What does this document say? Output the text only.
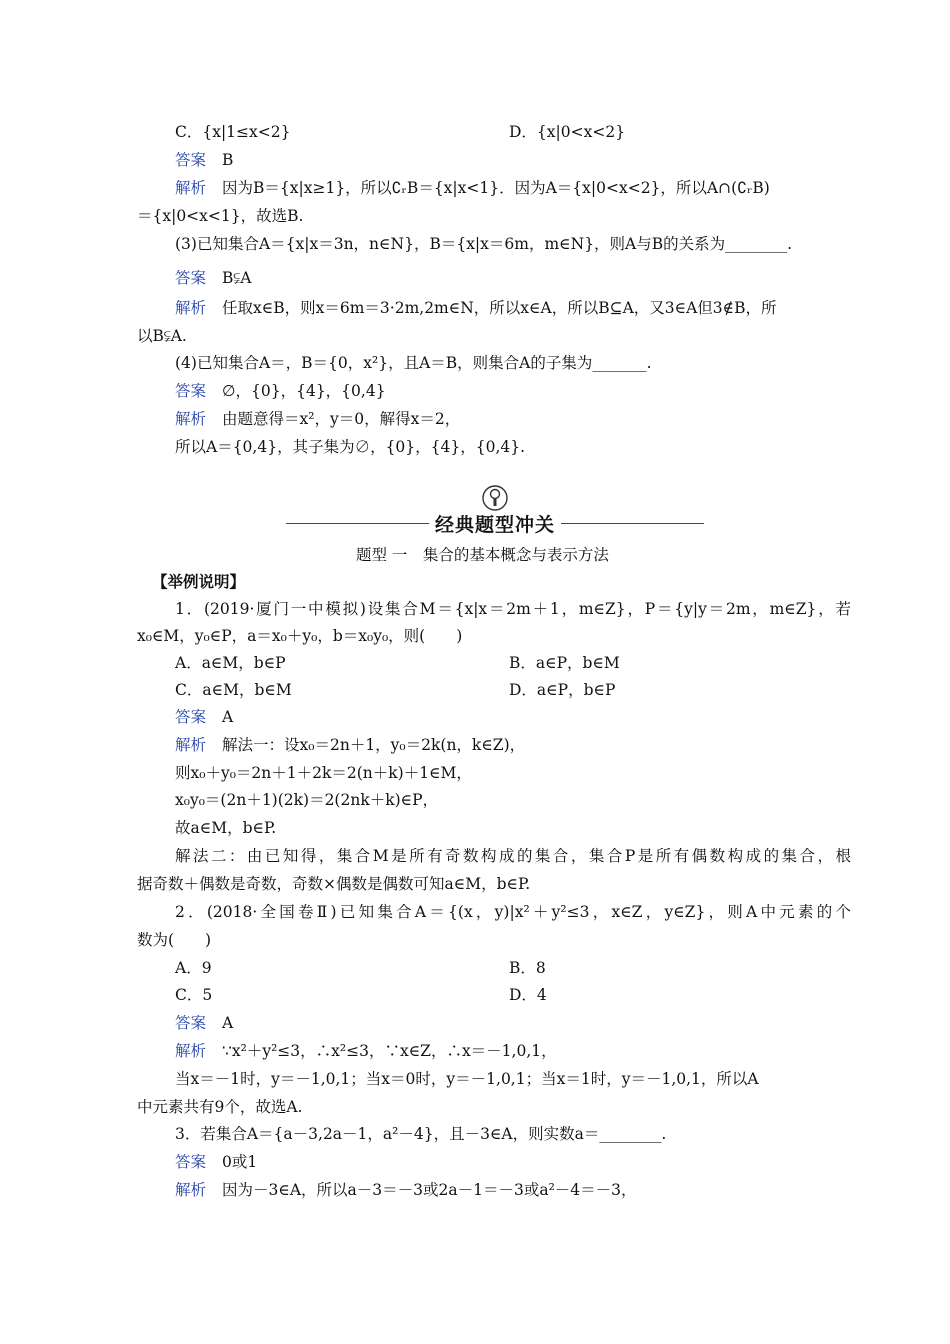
C．{x|1≤x<2}	D．{x|0<x<2}
答案 B
解析 因为B＝{x|x≥1}，所以∁ᵣB＝{x|x<1}．因为A＝{x|0<x<2}，所以A∩(∁ᵣB)
＝{x|0<x<1}，故选B.
(3)已知集合A＝{x|x＝3n，n∈N}，B＝{x|x＝6m，m∈N}，则A与B的关系为________.
答案 B⫋A
解析 任取x∈B，则x＝6m＝3·2m,2m∈N，所以x∈A，所以B⊆A，又3∈A但3∉B，所
以B⫋A.
(4)已知集合A＝，B＝{0，x²}，且A＝B，则集合A的子集为_______.
答案 ∅，{0}，{4}，{0,4}
解析 由题意得＝x²，y＝0，解得x＝2，
所以A＝{0,4}，其子集为∅，{0}，{4}，{0,4}.
经典题型冲关
题型 一　集合的基本概念与表示方法
【举例说明】
1．(2019·厦门一中模拟)设集合M＝{x|x＝2m＋1，m∈Z}，P＝{y|y＝2m，m∈Z}，若
x₀∈M，y₀∈P，a＝x₀＋y₀，b＝x₀y₀，则(　　)
A．a∈M，b∈P	B．a∈P，b∈M
C．a∈M，b∈M	D．a∈P，b∈P
答案 A
解析 解法一：设x₀＝2n＋1，y₀＝2k(n，k∈Z)，
则x₀＋y₀＝2n＋1＋2k＝2(n＋k)＋1∈M，
x₀y₀＝(2n＋1)(2k)＝2(2nk＋k)∈P，
故a∈M，b∈P.
解法二：由已知得，集合M是所有奇数构成的集合，集合P是所有偶数构成的集合，根
据奇数＋偶数是奇数，奇数×偶数是偶数可知a∈M，b∈P.
2．(2018·全国卷Ⅱ)已知集合A＝{(x，y)|x²＋y²≤3，x∈Z，y∈Z}，则A中元素的个
数为(　　)
A．9	B．8
C．5	D．4
答案 A
解析 ∵x²＋y²≤3，∴x²≤3，∵x∈Z，∴x＝－1,0,1，
当x＝－1时，y＝－1,0,1；当x＝0时，y＝－1,0,1；当x＝1时，y＝－1,0,1，所以A
中元素共有9个，故选A.
3．若集合A＝{a－3,2a－1，a²－4}，且－3∈A，则实数a＝________.
答案 0或1
解析 因为－3∈A，所以a－3＝－3或2a－1＝－3或a²－4＝－3，
